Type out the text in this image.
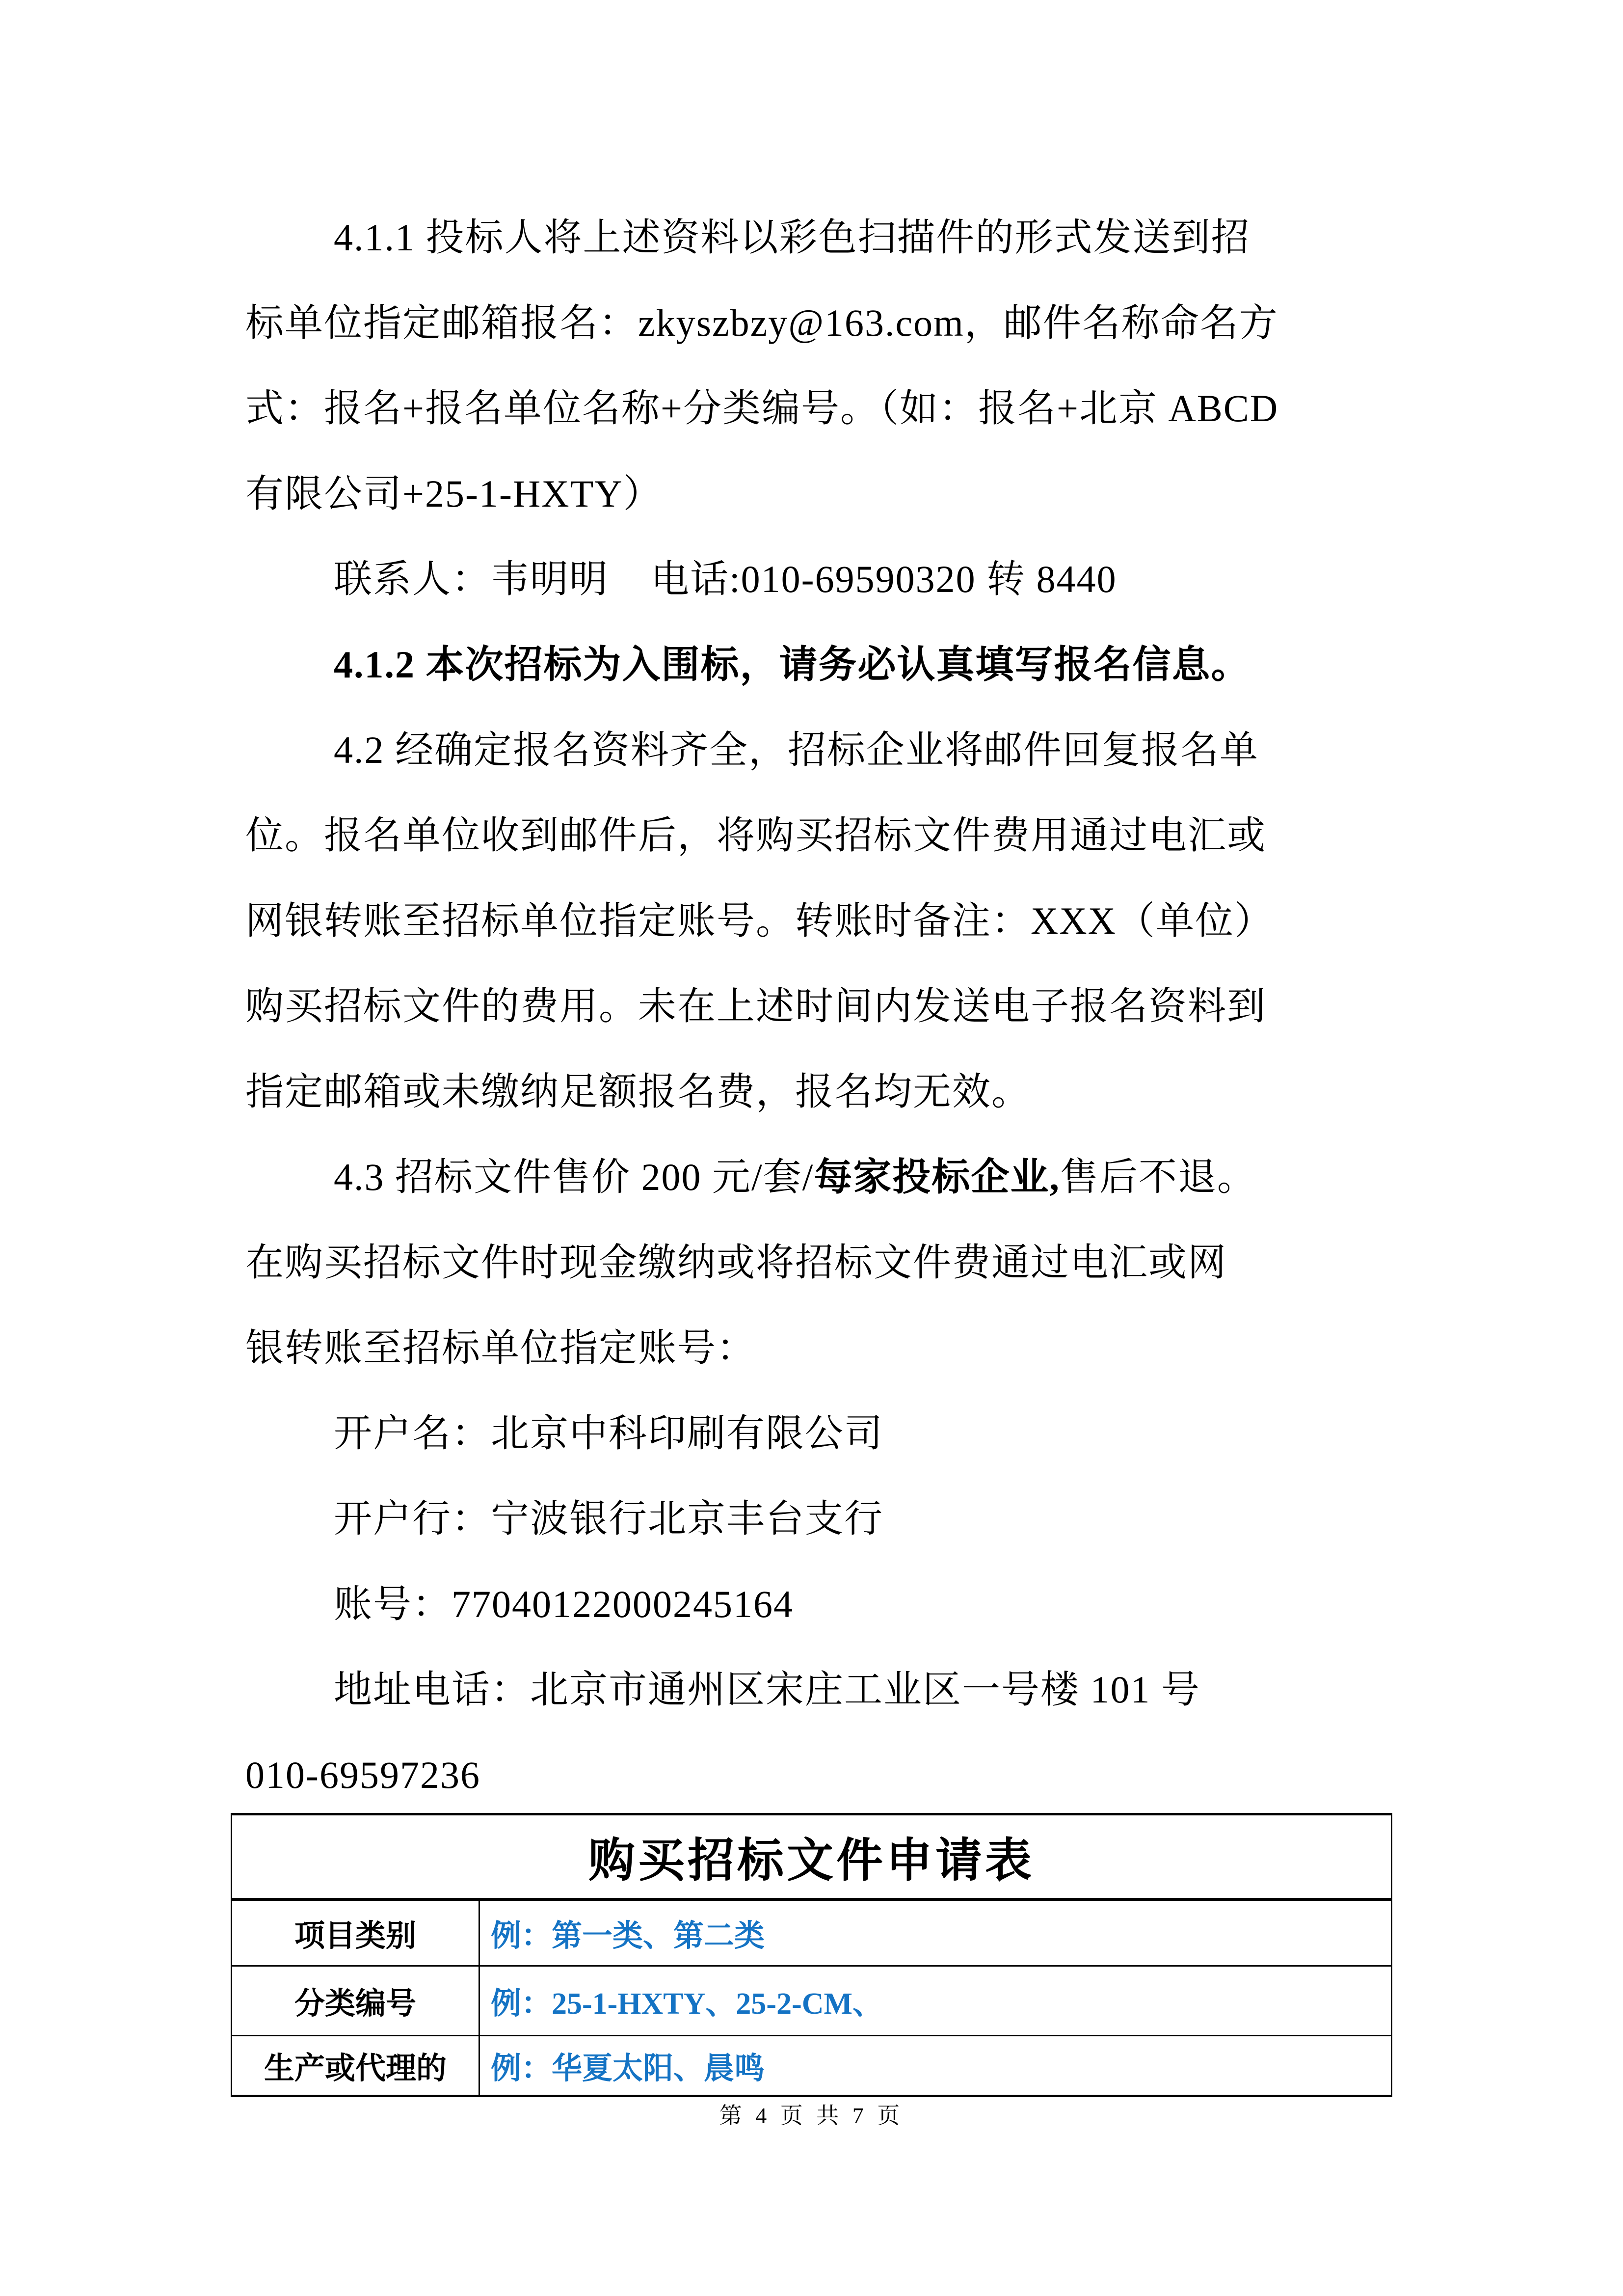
4.1.1 投标人将上述资料以彩色扫描件的形式发送到招
标单位指定邮箱报名：zkyszbzy@163.com，邮件名称命名方
式：报名+报名单位名称+分类编号。（如：报名+北京 ABCD
有限公司+25-1-HXTY）
联系人：韦明明    电话:010-69590320 转 8440
4.1.2 本次招标为入围标，请务必认真填写报名信息。
4.2 经确定报名资料齐全，招标企业将邮件回复报名单
位。报名单位收到邮件后，将购买招标文件费用通过电汇或
网银转账至招标单位指定账号。转账时备注：XXX（单位）
购买招标文件的费用。未在上述时间内发送电子报名资料到
指定邮箱或未缴纳足额报名费，报名均无效。
4.3 招标文件售价 200 元/套/每家投标企业,售后不退。
在购买招标文件时现金缴纳或将招标文件费通过电汇或网
银转账至招标单位指定账号：
开户名：北京中科印刷有限公司
开户行：宁波银行北京丰台支行
账号：77040122000245164
地址电话：北京市通州区宋庄工业区一号楼 101 号
010-69597236
购买招标文件申请表
项目类别	例：第一类、第二类
分类编号	例：25-1-HXTY、25-2-CM、
生产或代理的	例：华夏太阳、晨鸣
第 4 页 共 7 页
